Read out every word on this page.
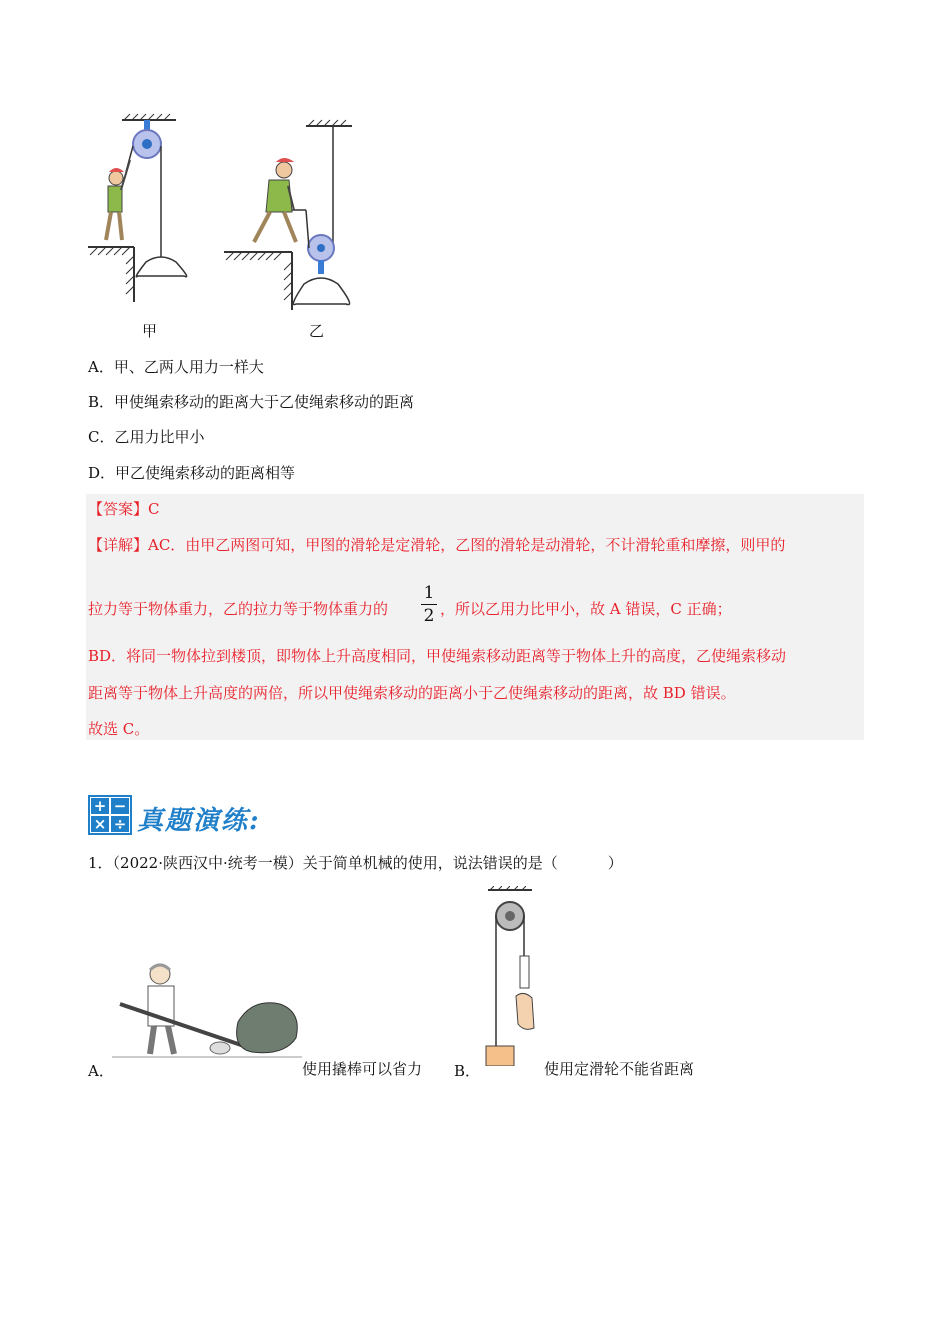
甲	乙
A．甲、乙两人用力一样大
B．甲使绳索移动的距离大于乙使绳索移动的距离
C．乙用力比甲小
D．甲乙使绳索移动的距离相等
【答案】C
【详解】AC．由甲乙两图可知，甲图的滑轮是定滑轮，乙图的滑轮是动滑轮，不计滑轮重和摩擦，则甲的
拉力等于物体重力，乙的拉力等于物体重力的
1
2 ，所以乙用力比甲小，故 A 错误，C 正确；
BD．将同一物体拉到楼顶，即物体上升高度相同，甲使绳索移动距离等于物体上升的高度，乙使绳索移动
距离等于物体上升高度的两倍，所以甲使绳索移动的距离小于乙使绳索移动的距离，故 BD 错误。
故选 C。
+ −
× ÷ 真题演练:
1．（2022·陕西汉中·统考一模）关于简单机械的使用，说法错误的是（	）
A．	使用撬棒可以省力 B．	使用定滑轮不能省距离
